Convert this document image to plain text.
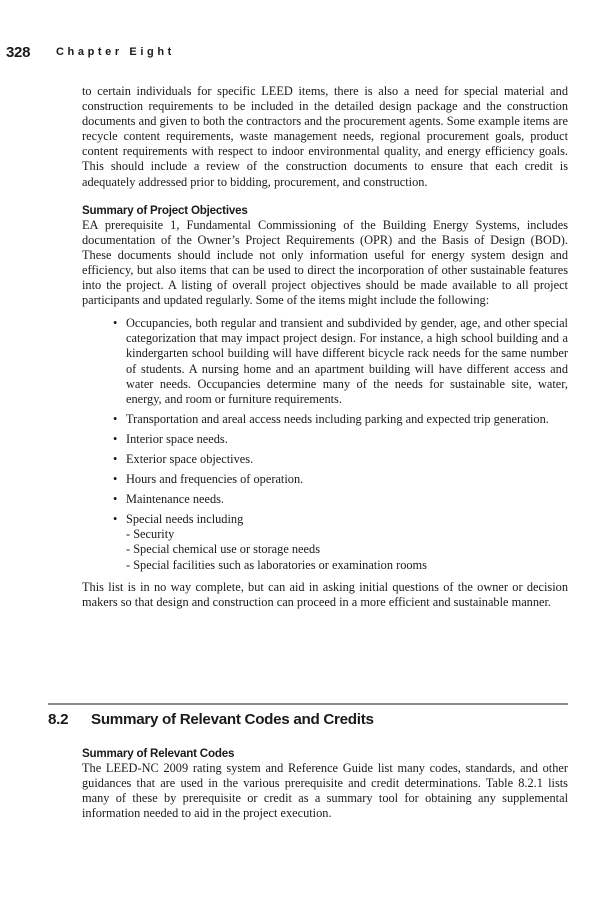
328 Chapter Eight

to certain individuals for specific LEED items, there is also a need for special material and construction requirements to be included in the detailed design package and the construction documents and given to both the contractors and the procurement agents. Some example items are recycle content requirements, waste management needs, regional procurement goals, product content requirements with respect to indoor environmental quality, and energy efficiency goals. This should include a review of the construction documents to ensure that each credit is adequately addressed prior to bidding, procurement, and construction.

Summary of Project Objectives

EA prerequisite 1, Fundamental Commissioning of the Building Energy Systems, includes documentation of the Owner’s Project Requirements (OPR) and the Basis of Design (BOD). These documents should include not only information useful for energy system design and efficiency, but also items that can be used to direct the incorporation of other sustainable features into the project. A listing of overall project objectives should be made available to all project participants and updated regularly. Some of the items might include the following:

• Occupancies, both regular and transient and subdivided by gender, age, and other special categorization that may impact project design. For instance, a high school building and a kindergarten school building will have different bicycle rack needs for the same number of students. A nursing home and an apartment building will have different access and water needs. Occupancies determine many of the needs for sustainable site, water, energy, and room or furniture requirements.
• Transportation and areal access needs including parking and expected trip generation.
• Interior space needs.
• Exterior space objectives.
• Hours and frequencies of operation.
• Maintenance needs.
• Special needs including
- Security
- Special chemical use or storage needs
- Special facilities such as laboratories or examination rooms

This list is in no way complete, but can aid in asking initial questions of the owner or decision makers so that design and construction can proceed in a more efficient and sustainable manner.

8.2 Summary of Relevant Codes and Credits
Summary of Relevant Codes

The LEED-NC 2009 rating system and Reference Guide list many codes, standards, and other guidances that are used in the various prerequisite and credit determinations. Table 8.2.1 lists many of these by prerequisite or credit as a summary tool for obtaining any supplemental information needed to aid in the project execution.
